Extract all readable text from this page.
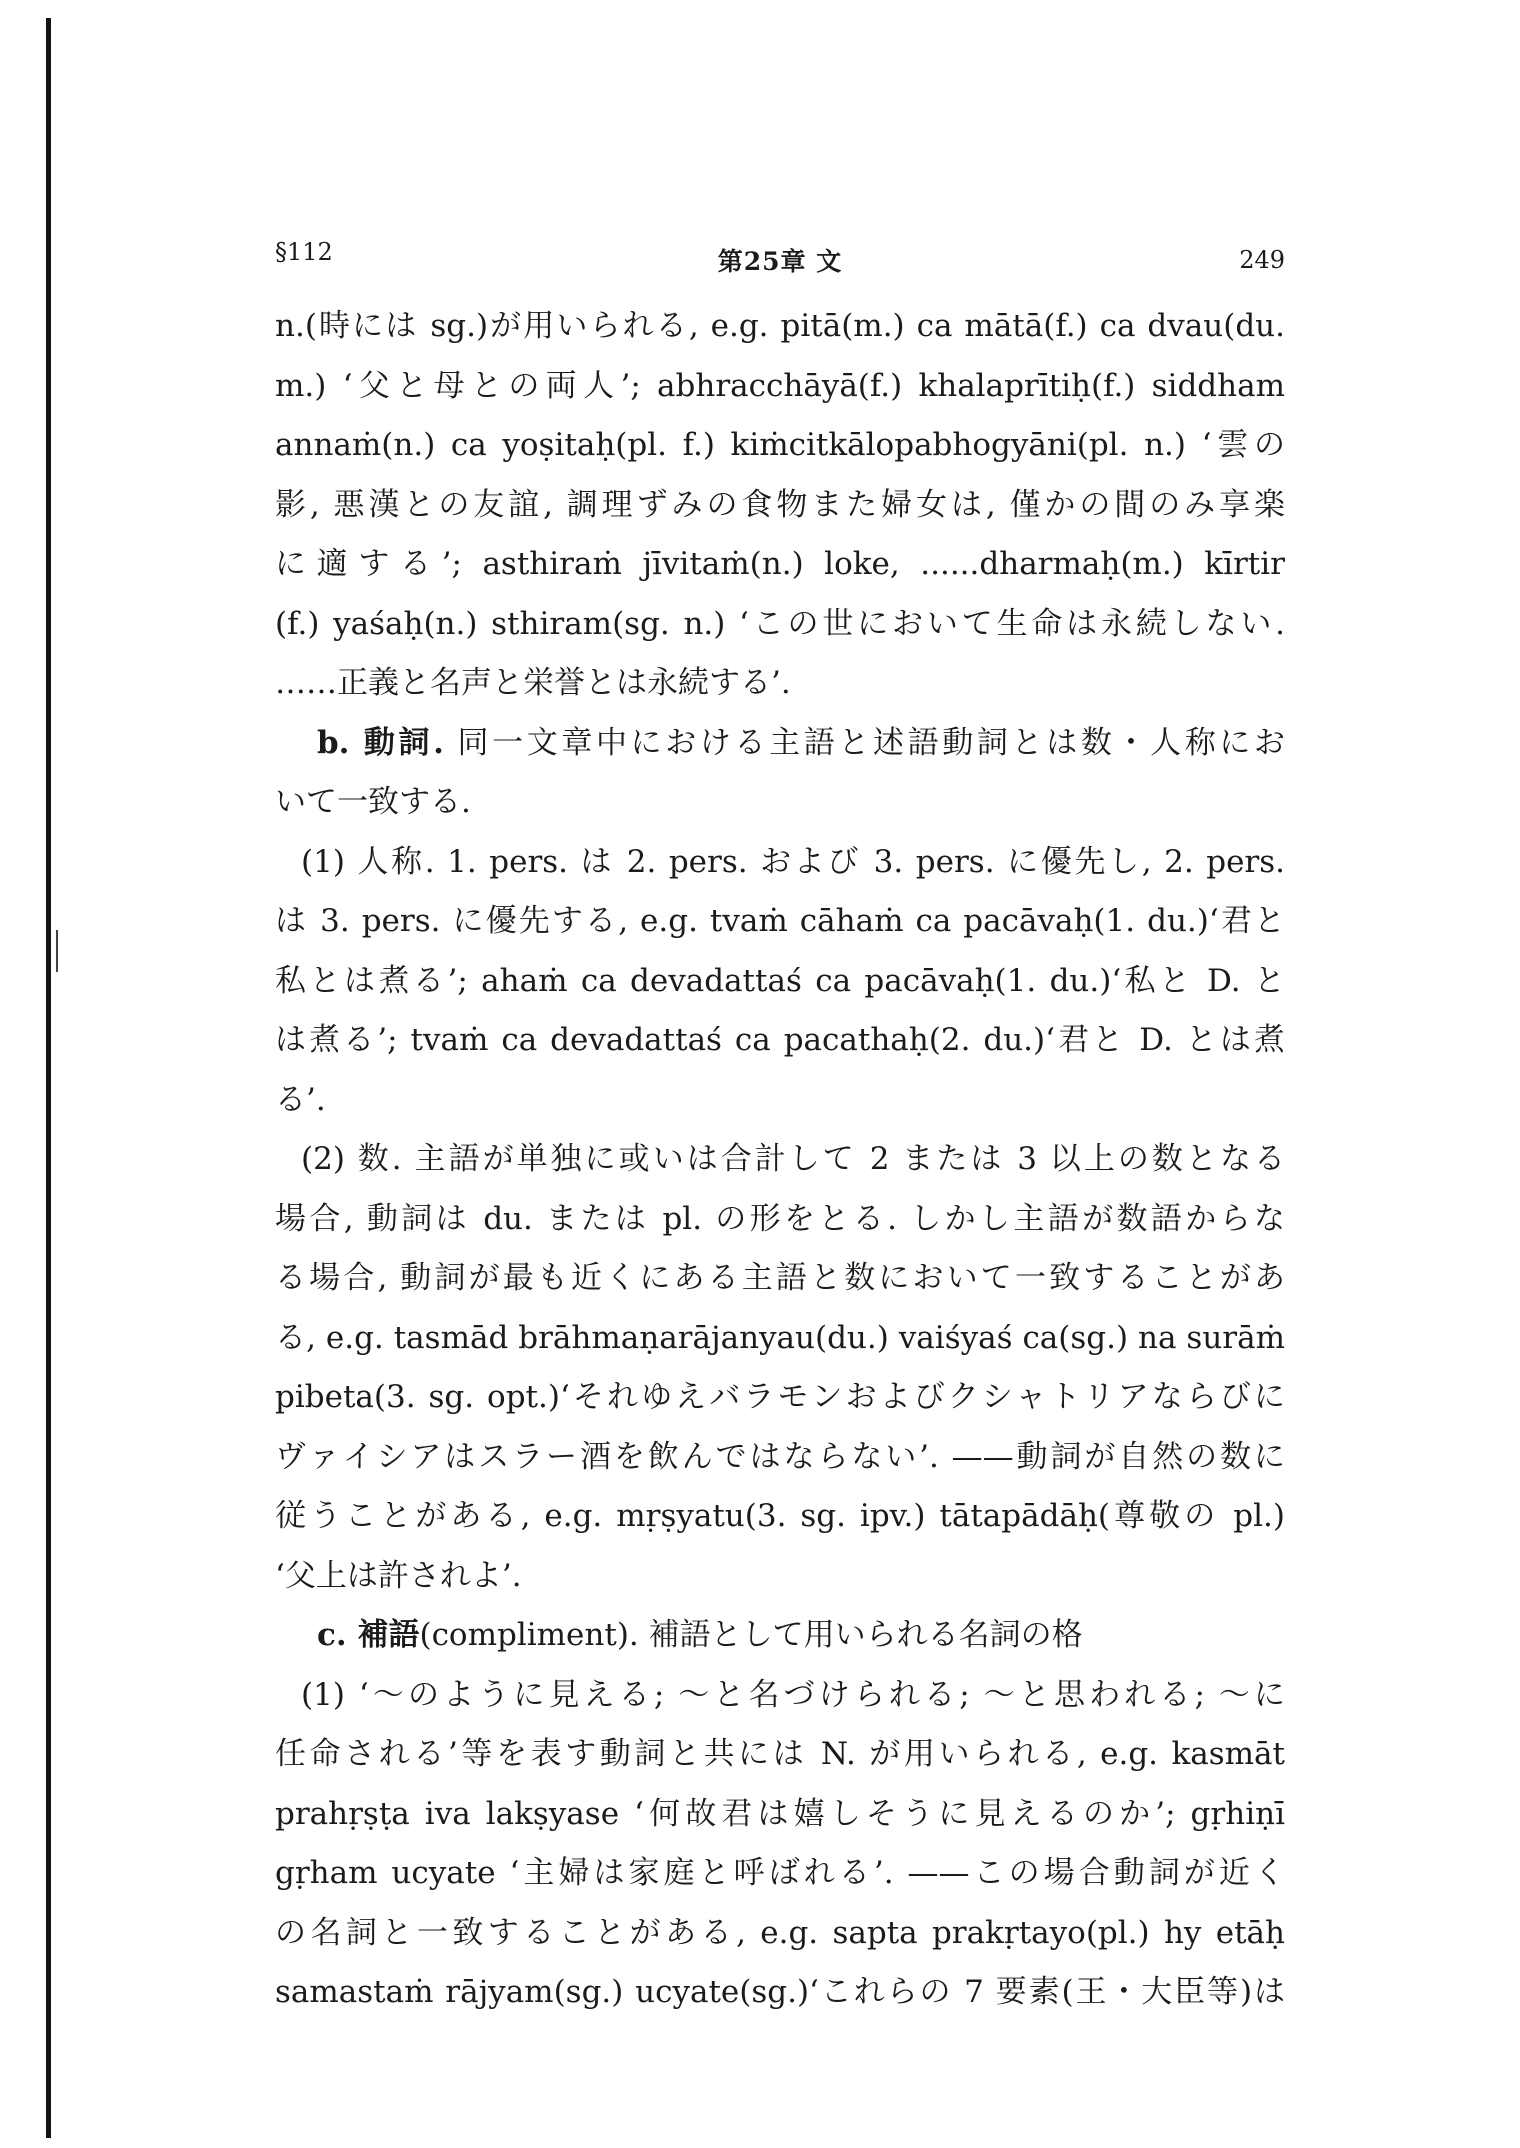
§112	第25章 文	249
n.(時には sg.)が用いられる, e.g. pitā(m.) ca mātā(f.) ca dvau(du.
m.) ‘父と母との両人’; abhracchāyā(f.) khalaprītiḥ(f.) siddham
annaṁ(n.) ca yoṣitaḥ(pl. f.) kiṁcitkālopabhogyāni(pl. n.) ‘雲の
影, 悪漢との友誼, 調理ずみの食物また婦女は, 僅かの間のみ享楽
に適する’; asthiraṁ jīvitaṁ(n.) loke, ......dharmaḥ(m.) kīrtir
(f.) yaśaḥ(n.) sthiram(sg. n.) ‘この世において生命は永続しない.
……正義と名声と栄誉とは永続する’.
b. 動詞. 同一文章中における主語と述語動詞とは数・人称にお
いて一致する.
(1) 人称. 1. pers. は 2. pers. および 3. pers. に優先し, 2. pers.
は 3. pers. に優先する, e.g. tvaṁ cāhaṁ ca pacāvaḥ(1. du.)‘君と
私とは煮る’; ahaṁ ca devadattaś ca pacāvaḥ(1. du.)‘私と D. と
は煮る’; tvaṁ ca devadattaś ca pacathaḥ(2. du.)‘君と D. とは煮
る’.
(2) 数. 主語が単独に或いは合計して 2 または 3 以上の数となる
場合, 動詞は du. または pl. の形をとる. しかし主語が数語からな
る場合, 動詞が最も近くにある主語と数において一致することがあ
る, e.g. tasmād brāhmaṇarājanyau(du.) vaiśyaś ca(sg.) na surāṁ
pibeta(3. sg. opt.)‘それゆえバラモンおよびクシャトリアならびに
ヴァイシアはスラー酒を飲んではならない’. ——動詞が自然の数に
従うことがある, e.g. mṛṣyatu(3. sg. ipv.) tātapādāḥ(尊敬の pl.)
‘父上は許されよ’.
c. 補語(compliment). 補語として用いられる名詞の格
(1) ‘〜のように見える; 〜と名づけられる; 〜と思われる; 〜に
任命される’等を表す動詞と共には N. が用いられる, e.g. kasmāt
prahṛṣṭa iva lakṣyase ‘何故君は嬉しそうに見えるのか’; gṛhiṇī
gṛham ucyate ‘主婦は家庭と呼ばれる’. ——この場合動詞が近く
の名詞と一致することがある, e.g. sapta prakṛtayo(pl.) hy etāḥ
samastaṁ rājyam(sg.) ucyate(sg.)‘これらの 7 要素(王・大臣等)は
